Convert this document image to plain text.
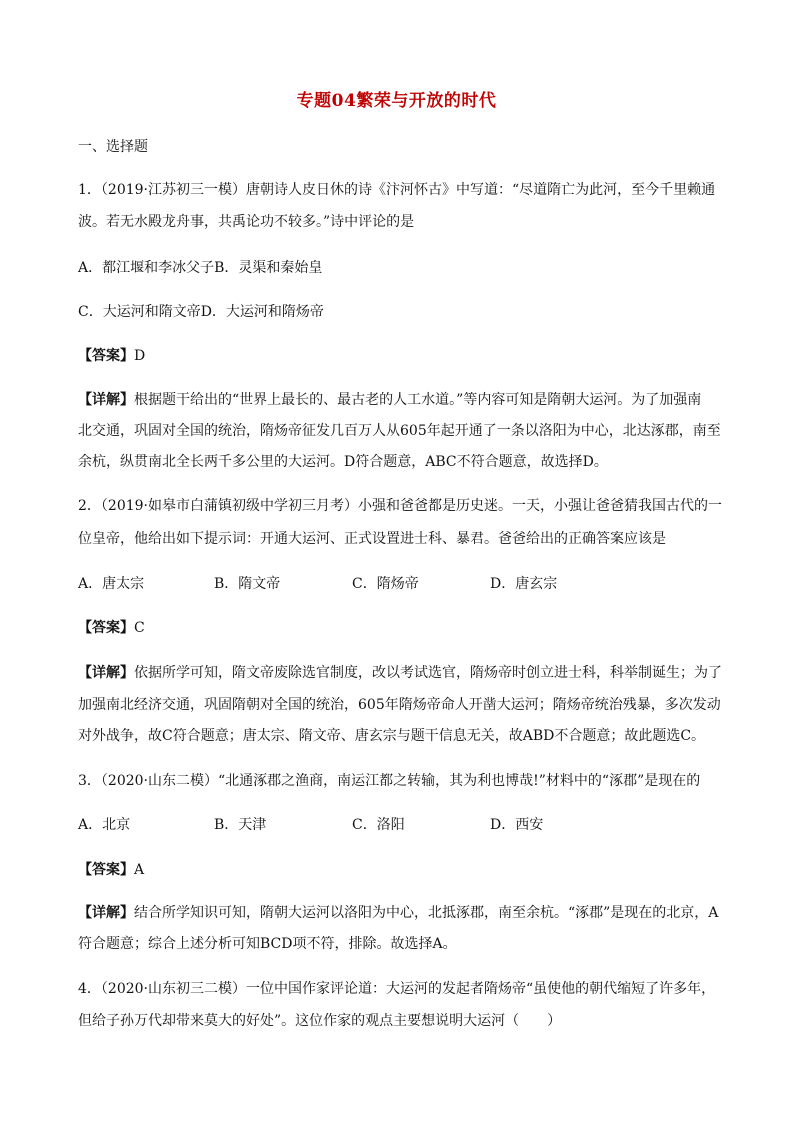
专题04繁荣与开放的时代
一、选择题
1．（2019·江苏初三一模）唐朝诗人皮日休的诗《汴河怀古》中写道：“尽道隋亡为此河，至今千里赖通
波。若无水殿龙舟事，共禹论功不较多。”诗中评论的是
A．都江堰和李冰父子B．灵渠和秦始皇
C．大运河和隋文帝D．大运河和隋炀帝
【答案】D
【详解】根据题干给出的“世界上最长的、最古老的人工水道。”等内容可知是隋朝大运河。为了加强南
北交通，巩固对全国的统治，隋炀帝征发几百万人从605年起开通了一条以洛阳为中心，北达涿郡，南至
余杭，纵贯南北全长两千多公里的大运河。D符合题意，ABC不符合题意，故选择D。
2．（2019·如皋市白蒲镇初级中学初三月考）小强和爸爸都是历史迷。一天，小强让爸爸猜我国古代的一
位皇帝，他给出如下提示词：开通大运河、正式设置进士科、暴君。爸爸给出的正确答案应该是
A．唐太宗	B．隋文帝	C．隋炀帝	D．唐玄宗
【答案】C
【详解】依据所学可知，隋文帝废除选官制度，改以考试选官，隋炀帝时创立进士科，科举制诞生；为了
加强南北经济交通，巩固隋朝对全国的统治，605年隋炀帝命人开凿大运河；隋炀帝统治残暴，多次发动
对外战争，故C符合题意；唐太宗、隋文帝、唐玄宗与题干信息无关，故ABD不合题意；故此题选C。
3．（2020·山东二模）“北通涿郡之渔商，南运江都之转输，其为利也博哉!”材料中的“涿郡”是现在的
A．北京	B．天津	C．洛阳	D．西安
【答案】A
【详解】结合所学知识可知，隋朝大运河以洛阳为中心，北抵涿郡，南至余杭。“涿郡”是现在的北京，A
符合题意；综合上述分析可知BCD项不符，排除。故选择A。
4．（2020·山东初三二模）一位中国作家评论道：大运河的发起者隋炀帝“虽使他的朝代缩短了许多年，
但给子孙万代却带来莫大的好处”。这位作家的观点主要想说明大运河（　　）
